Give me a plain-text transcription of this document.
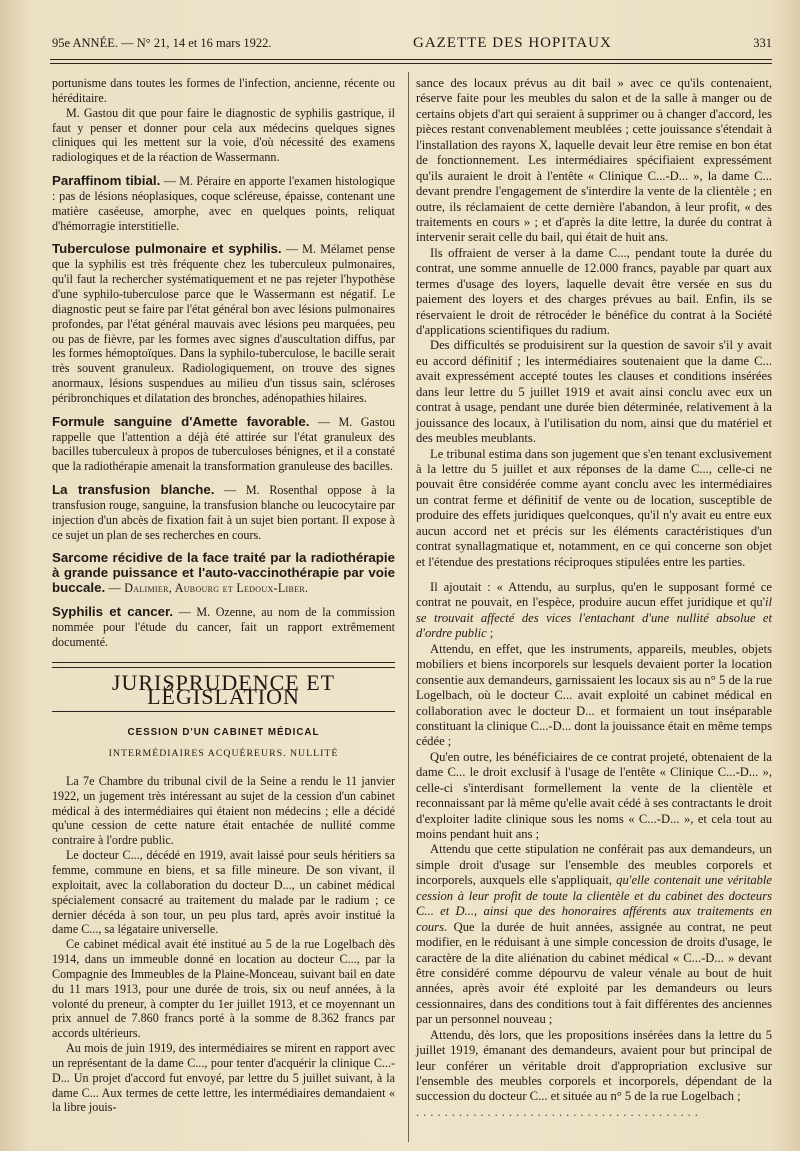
95e ANNÉE. — N° 21, 14 et 16 mars 1922.	GAZETTE DES HOPITAUX	331

portunisme dans toutes les formes de l'infection, ancienne, récente ou héréditaire.

M. Gastou dit que pour faire le diagnostic de syphilis gastrique, il faut y penser et donner pour cela aux médecins quelques signes cliniques qui les mettent sur la voie, d'où nécessité des examens radiologiques et de la réaction de Wassermann.

Paraffinom tibial. — M. Péraire en apporte l'examen histologique : pas de lésions néoplasiques, coque scléreuse, épaisse, contenant une matière caséeuse, amorphe, avec en quelques points, reliquat d'hémorragie interstitielle.

Tuberculose pulmonaire et syphilis. — M. Mélamet pense que la syphilis est très fréquente chez les tuberculeux pulmonaires, qu'il faut la rechercher systématiquement et ne pas rejeter l'hypothèse d'une syphilo-tuberculose parce que le Wassermann est négatif. Le diagnostic peut se faire par l'état général bon avec lésions pulmonaires profondes, par l'état général mauvais avec lésions peu marquées, peu ou pas de fièvre, par les formes avec signes d'auscultation diffus, par les formes hémoptoïques. Dans la syphilo-tuberculose, le bacille serait très souvent granuleux. Radiologiquement, on trouve des signes anormaux, lésions suspendues au milieu d'un tissus sain, scléroses péribronchiques et dilatation des bronches, adénopathies hilaires.

Formule sanguine d'Amette favorable. — M. Gastou rappelle que l'attention a déjà été attirée sur l'état granuleux des bacilles tuberculeux à propos de tuberculoses bénignes, et il a constaté que la radiothérapie amenait la transformation granuleuse des bacilles.

La transfusion blanche. — M. Rosenthal oppose à la transfusion rouge, sanguine, la transfusion blanche ou leucocytaire par injection d'un abcès de fixation fait à un sujet bien portant. Il expose à ce sujet un plan de ses recherches en cours.

Sarcome récidive de la face traité par la radiothérapie à grande puissance et l'auto-vaccinothérapie par voie buccale. — Dalimier, Aubourg et Ledoux-Liber.

Syphilis et cancer. — M. Ozenne, au nom de la commission nommée pour l'étude du cancer, fait un rapport extrêmement documenté.

JURISPRUDENCE ET LÉGISLATION
CESSION D'UN CABINET MÉDICAL
INTERMÉDIAIRES ACQUÉREURS. NULLITÉ

La 7e Chambre du tribunal civil de la Seine a rendu le 11 janvier 1922, un jugement très intéressant au sujet de la cession d'un cabinet médical à des intermédiaires qui étaient non médecins ; elle a décidé qu'une cession de cette nature était entachée de nullité comme contraire à l'ordre public.

Le docteur C..., décédé en 1919, avait laissé pour seuls héritiers sa femme, commune en biens, et sa fille mineure. De son vivant, il exploitait, avec la collaboration du docteur D..., un cabinet médical spécialement consacré au traitement du malade par le radium ; ce dernier décéda à son tour, un peu plus tard, après avoir institué la dame C..., sa légataire universelle.

Ce cabinet médical avait été institué au 5 de la rue Logelbach dès 1914, dans un immeuble donné en location au docteur C..., par la Compagnie des Immeubles de la Plaine-Monceau, suivant bail en date du 11 mars 1913, pour une durée de trois, six ou neuf années, à la volonté du preneur, à compter du 1er juillet 1913, et ce moyennant un prix annuel de 7.860 francs porté à la somme de 8.362 francs par accords ultérieurs.

Au mois de juin 1919, des intermédiaires se mirent en rapport avec un représentant de la dame C..., pour tenter d'acquérir la clinique C...-D... Un projet d'accord fut envoyé, par lettre du 5 juillet suivant, à la dame C... Aux termes de cette lettre, les intermédiaires demandaient « la libre jouis-

sance des locaux prévus au dit bail » avec ce qu'ils contenaient, réserve faite pour les meubles du salon et de la salle à manger ou de certains objets d'art qui seraient à supprimer ou à changer d'accord, les pièces restant convenablement meublées ; cette jouissance s'étendait à l'installation des rayons X, laquelle devait leur être remise en bon état de fonctionnement. Les intermédiaires spécifiaient expressément qu'ils auraient le droit à l'entête « Clinique C...-D... », la dame C... devant prendre l'engagement de s'interdire la vente de la clientèle ; en outre, ils réclamaient de cette dernière l'abandon, à leur profit, « des traitements en cours » ; et d'après la dite lettre, la durée du contrat à intervenir serait celle du bail, qui était de huit ans.

Ils offraient de verser à la dame C..., pendant toute la durée du contrat, une somme annuelle de 12.000 francs, payable par quart aux termes d'usage des loyers, laquelle devait être versée en sus du paiement des loyers et des charges prévues au bail. Enfin, ils se réservaient le droit de rétrocéder le bénéfice du contrat à la Société d'applications scientifiques du radium.

Des difficultés se produisirent sur la question de savoir s'il y avait eu accord définitif ; les intermédiaires soutenaient que la dame C... avait expressément accepté toutes les clauses et conditions insérées dans leur lettre du 5 juillet 1919 et avait ainsi conclu avec eux un contrat à usage, pendant une durée bien déterminée, relativement à la jouissance des locaux, à l'utilisation du nom, ainsi que du matériel et des meubles meublants.

Le tribunal estima dans son jugement que s'en tenant exclusivement à la lettre du 5 juillet et aux réponses de la dame C..., celle-ci ne pouvait être considérée comme ayant conclu avec les intermédiaires un contrat ferme et définitif de vente ou de location, susceptible de produire des effets juridiques quelconques, qu'il n'y avait eu entre eux aucun accord net et précis sur les éléments caractéristiques d'un contrat synallagmatique et, notamment, en ce qui concerne son objet et l'étendue des prestations réciproques stipulées entre les parties.

Il ajoutait : « Attendu, au surplus, qu'en le supposant formé ce contrat ne pouvait, en l'espèce, produire aucun effet juridique et qu'il se trouvait affecté des vices l'entachant d'une nullité absolue et d'ordre public ;

Attendu, en effet, que les instruments, appareils, meubles, objets mobiliers et biens incorporels sur lesquels devaient porter la location consentie aux demandeurs, garnissaient les locaux sis au n° 5 de la rue Logelbach, où le docteur C... avait exploité un cabinet médical en collaboration avec le docteur D... et formaient un tout inséparable constituant la clinique C...-D... dont la jouissance était en même temps cédée ;

Qu'en outre, les bénéficiaires de ce contrat projeté, obtenaient de la dame C... le droit exclusif à l'usage de l'entête « Clinique C...-D... », celle-ci s'interdisant formellement la vente de la clientèle et reconnaissant par là même qu'elle avait cédé à ses contractants le droit d'exploiter ladite clinique sous les noms « C...-D... », et cela tout au moins pendant huit ans ;

Attendu que cette stipulation ne conférait pas aux demandeurs, un simple droit d'usage sur l'ensemble des meubles corporels et incorporels, auxquels elle s'appliquait, qu'elle contenait une véritable cession à leur profit de toute la clientèle et du cabinet des docteurs C... et D..., ainsi que des honoraires afférents aux traitements en cours. Que la durée de huit années, assignée au contrat, ne peut modifier, en le réduisant à une simple concession de droits d'usage, le caractère de la dite aliénation du cabinet médical « C...-D... » devant être considéré comme dépourvu de valeur vénale au bout de huit années, après avoir été exploité par les demandeurs ou leurs cessionnaires, dans des conditions tout à fait différentes des anciennes par un personnel nouveau ;

Attendu, dès lors, que les propositions insérées dans la lettre du 5 juillet 1919, émanant des demandeurs, avaient pour but principal de leur conférer un véritable droit d'appropriation exclusive sur l'ensemble des meubles corporels et incorporels, dépendant de la succession du docteur C... et située au n° 5 de la rue Logelbach ;

........................................
